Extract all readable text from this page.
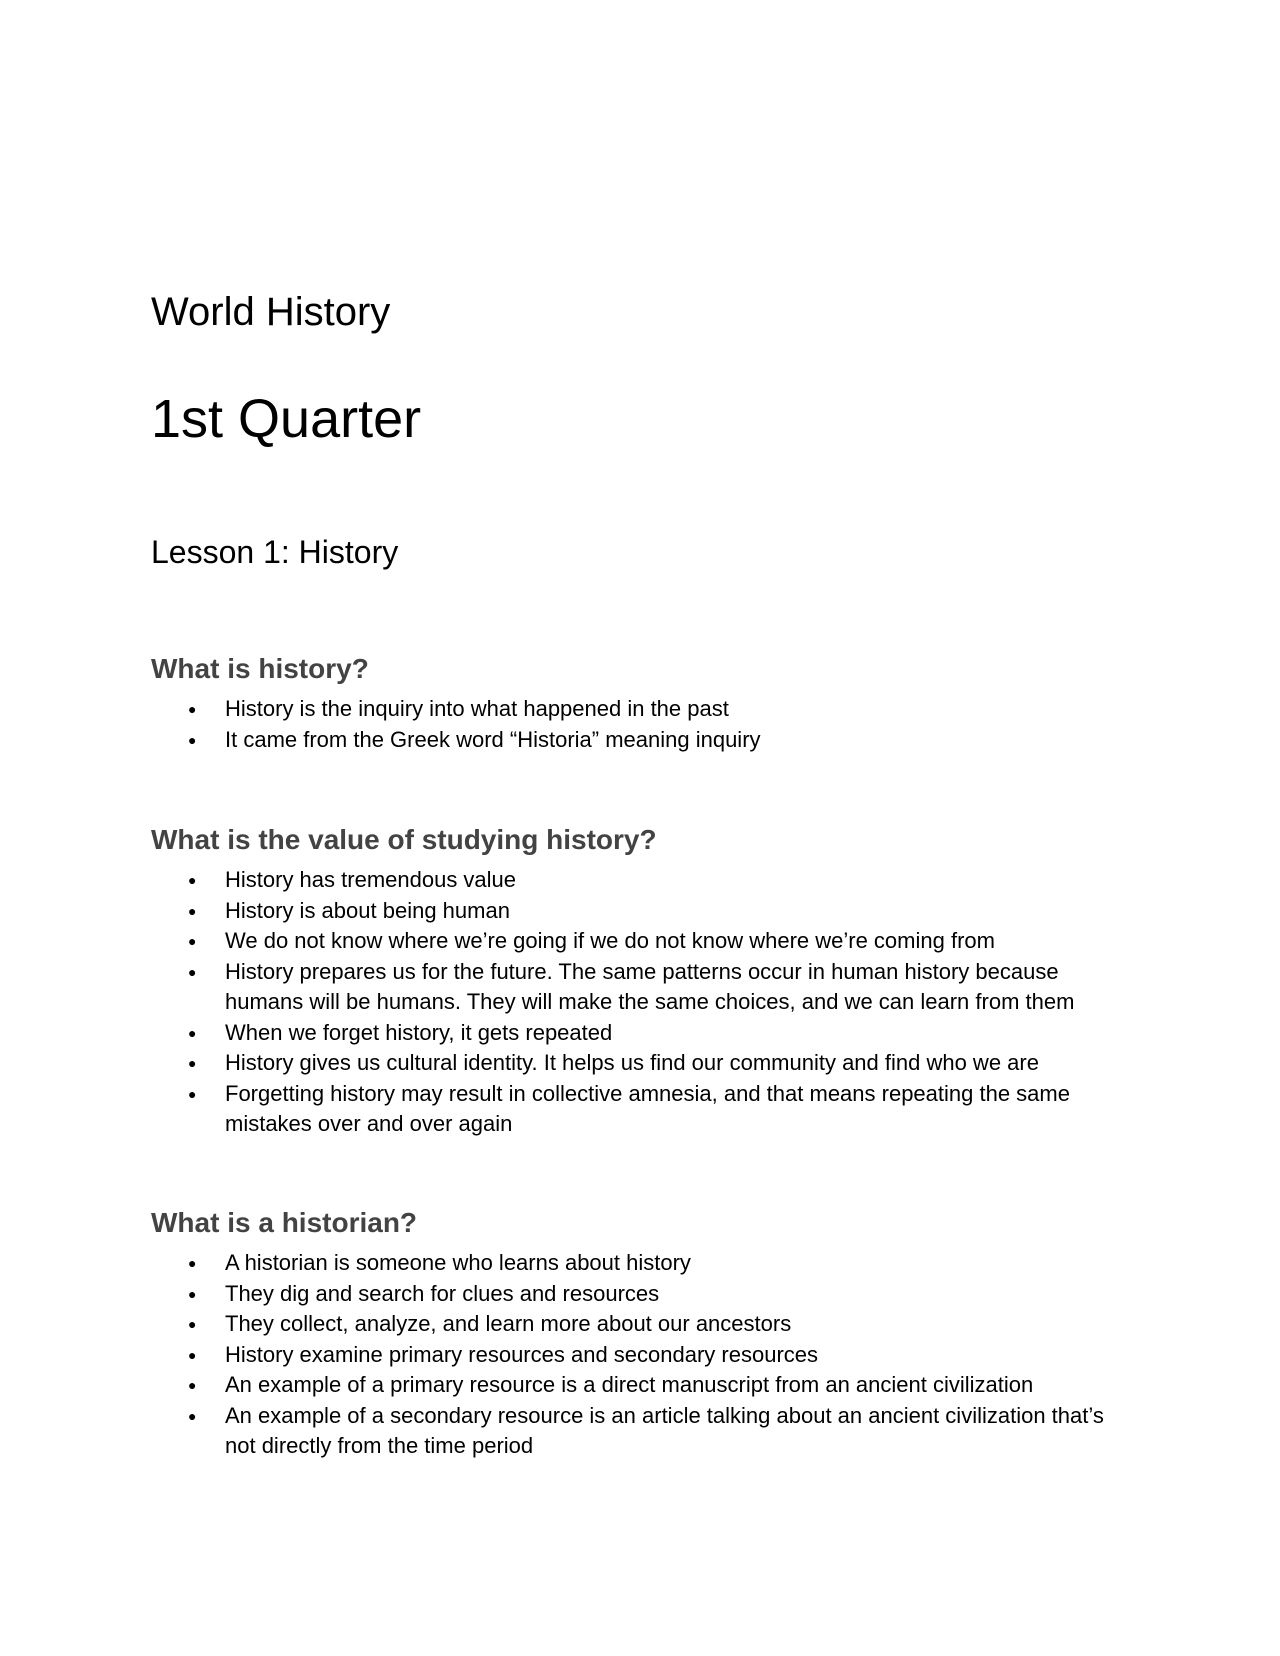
World History
1st Quarter
Lesson 1: History
What is history?
● History is the inquiry into what happened in the past
● It came from the Greek word “Historia” meaning inquiry
What is the value of studying history?
● History has tremendous value
● History is about being human
● We do not know where we’re going if we do not know where we’re coming from
● History prepares us for the future. The same patterns occur in human history because humans will be humans. They will make the same choices, and we can learn from them
● When we forget history, it gets repeated
● History gives us cultural identity. It helps us find our community and find who we are
● Forgetting history may result in collective amnesia, and that means repeating the same mistakes over and over again
What is a historian?
● A historian is someone who learns about history
● They dig and search for clues and resources
● They collect, analyze, and learn more about our ancestors
● History examine primary resources and secondary resources
● An example of a primary resource is a direct manuscript from an ancient civilization
● An example of a secondary resource is an article talking about an ancient civilization that’s not directly from the time period
